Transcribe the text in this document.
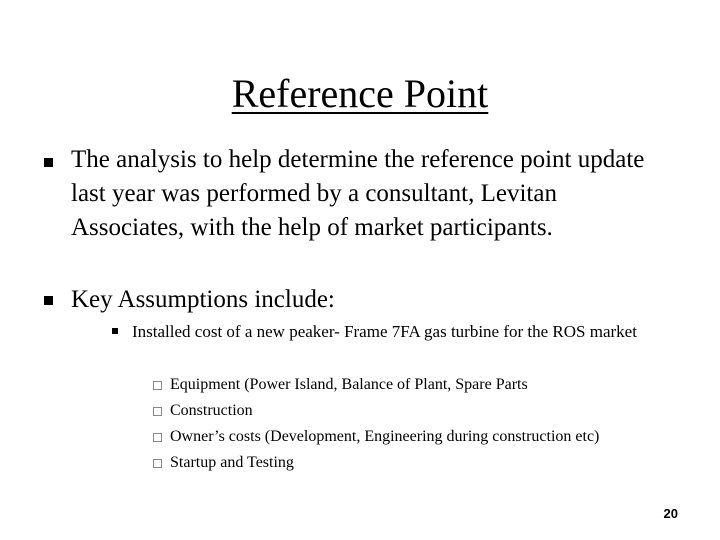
Reference Point
The analysis to help determine the reference point update last year was performed by a consultant, Levitan Associates, with the help of market participants.
Key Assumptions include:
Installed cost of a new peaker- Frame 7FA gas turbine for the ROS market
Equipment (Power Island, Balance of Plant, Spare Parts
Construction
Owner’s costs (Development, Engineering during construction etc)
Startup and Testing
20
